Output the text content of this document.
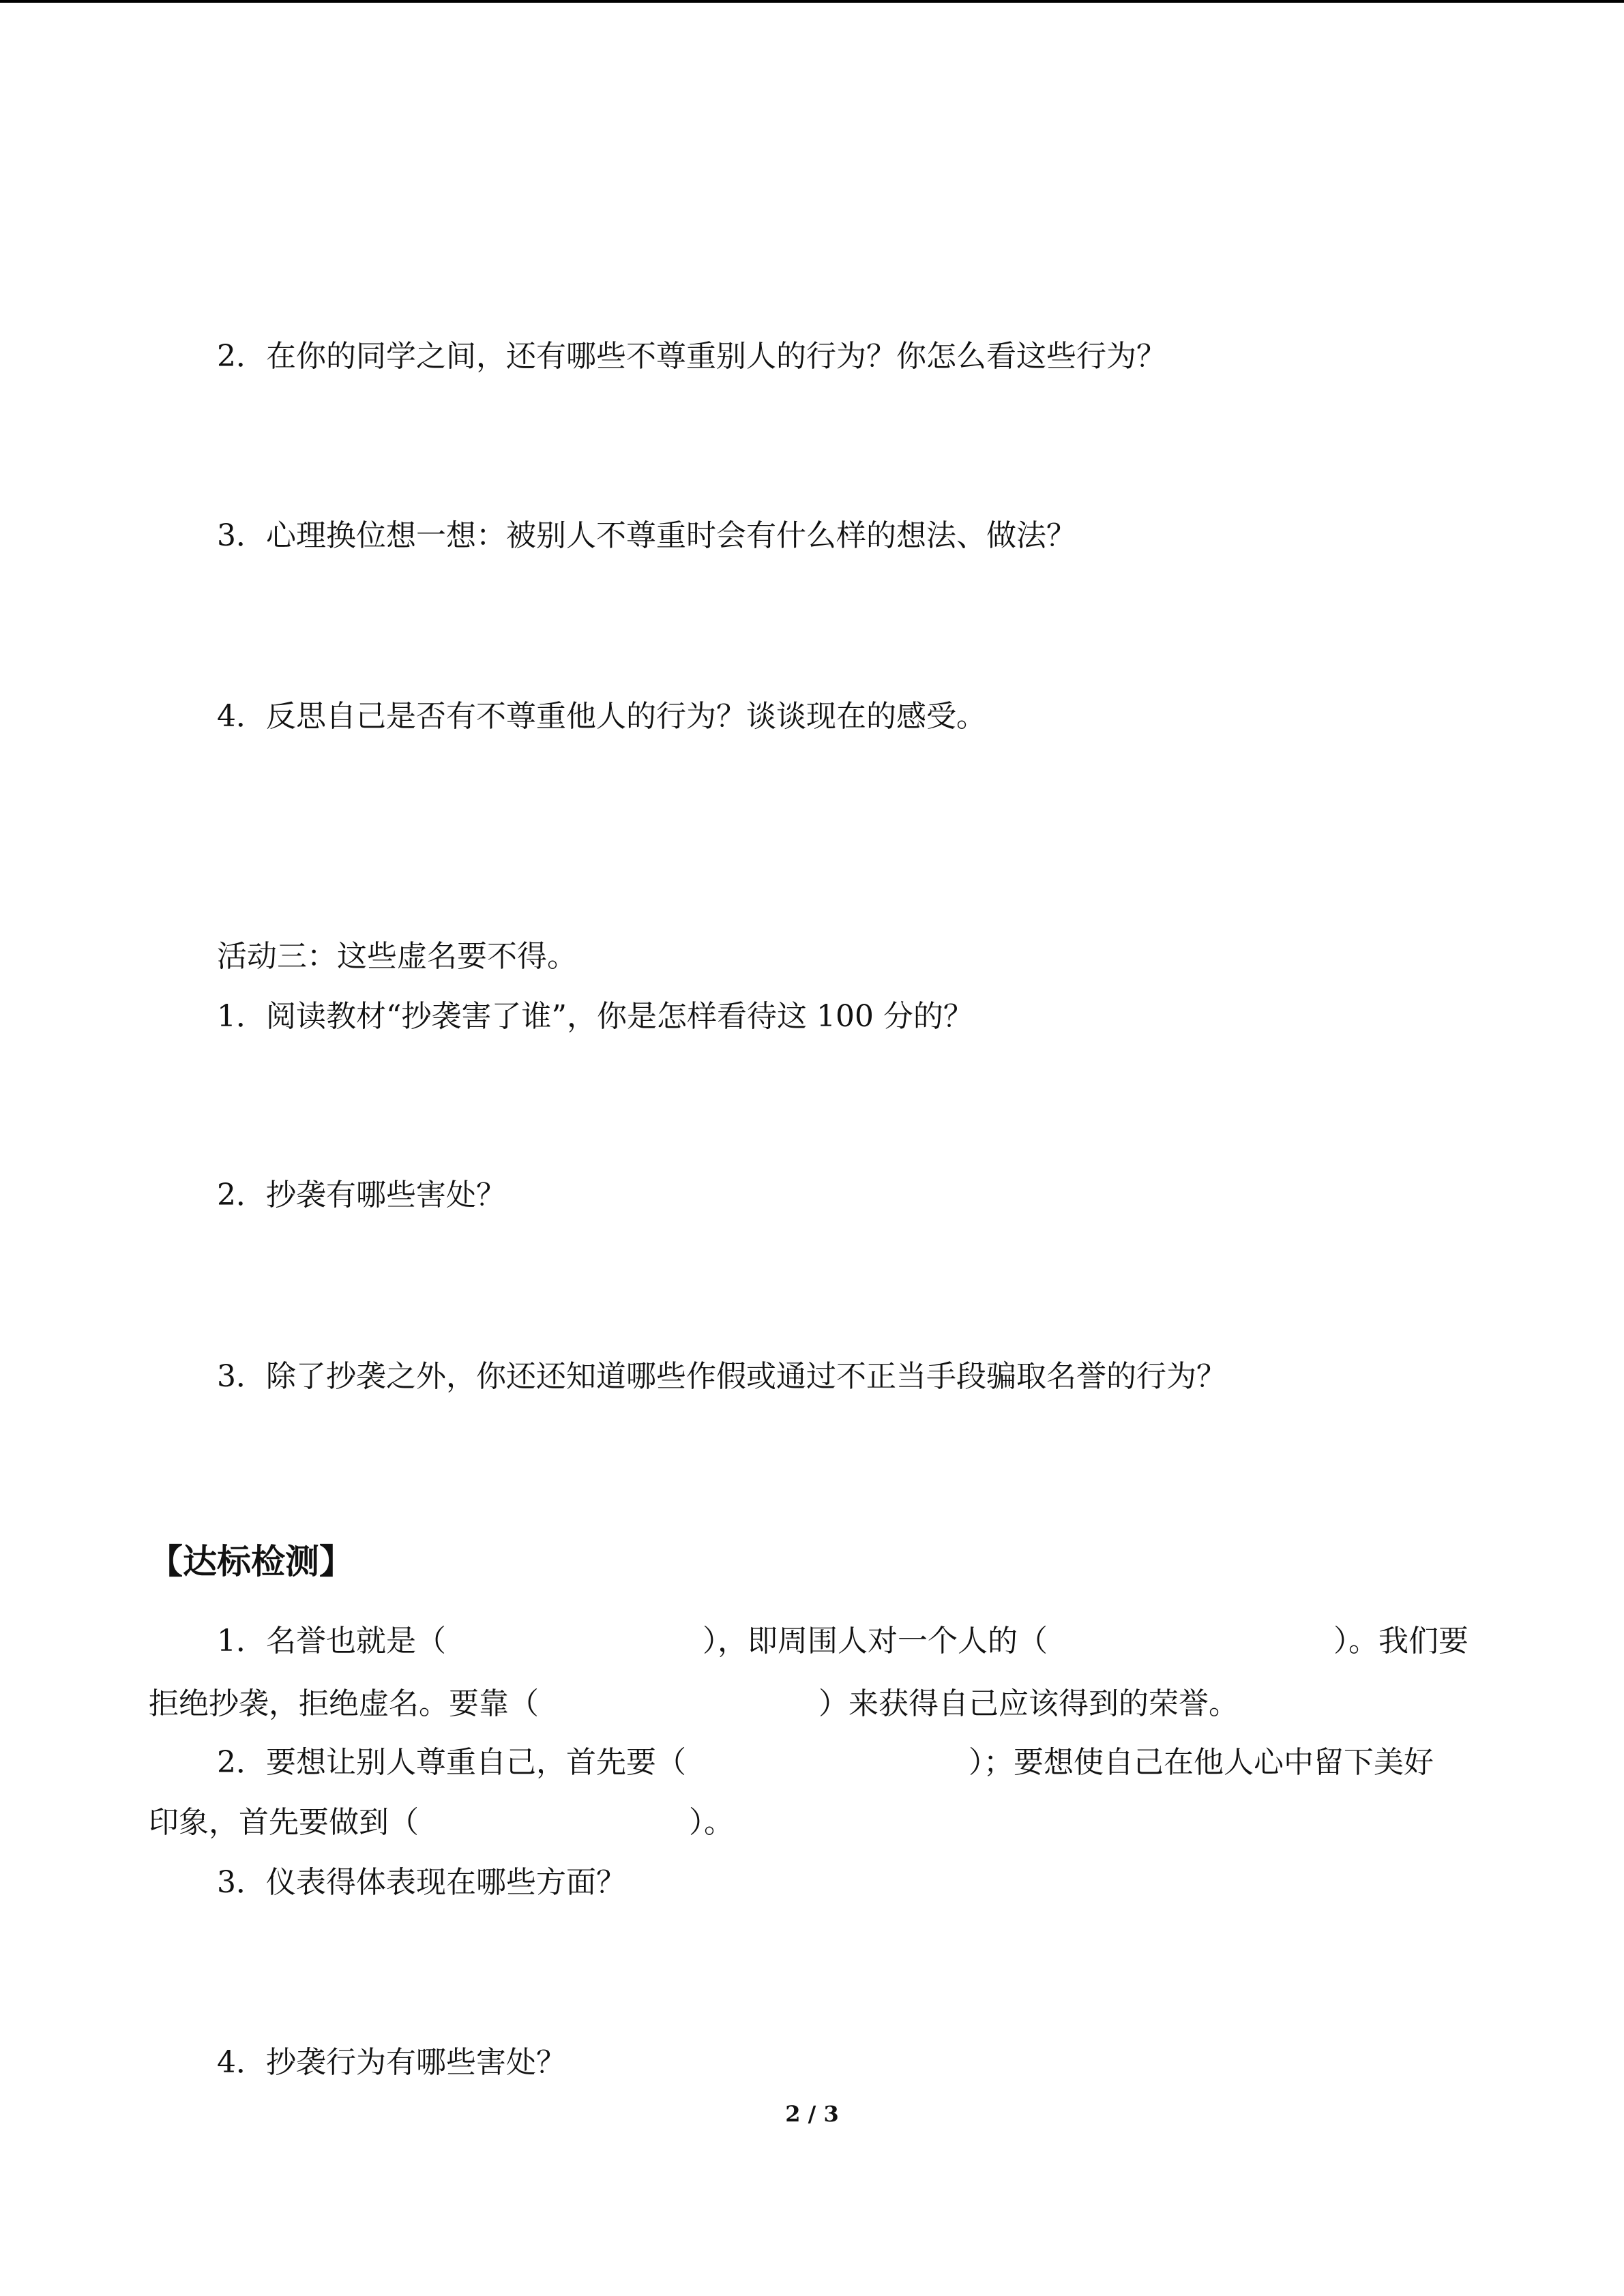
2．在你的同学之间，还有哪些不尊重别人的行为？你怎么看这些行为？
3．心理换位想一想：被别人不尊重时会有什么样的想法、做法？
4．反思自己是否有不尊重他人的行为？谈谈现在的感受。
活动三：这些虚名要不得。
1．阅读教材“抄袭害了谁”，你是怎样看待这 100 分的？
2．抄袭有哪些害处？
3．除了抄袭之外，你还还知道哪些作假或通过不正当手段骗取名誉的行为？
【达标检测】
1．名誉也就是（	），即周围人对一个人的（	）。我们要
拒绝抄袭，拒绝虚名。要靠（	）来获得自己应该得到的荣誉。
2．要想让别人尊重自己，首先要（	）；要想使自己在他人心中留下美好
印象，首先要做到（	）。
3．仪表得体表现在哪些方面？
4．抄袭行为有哪些害处？
2 / 3
